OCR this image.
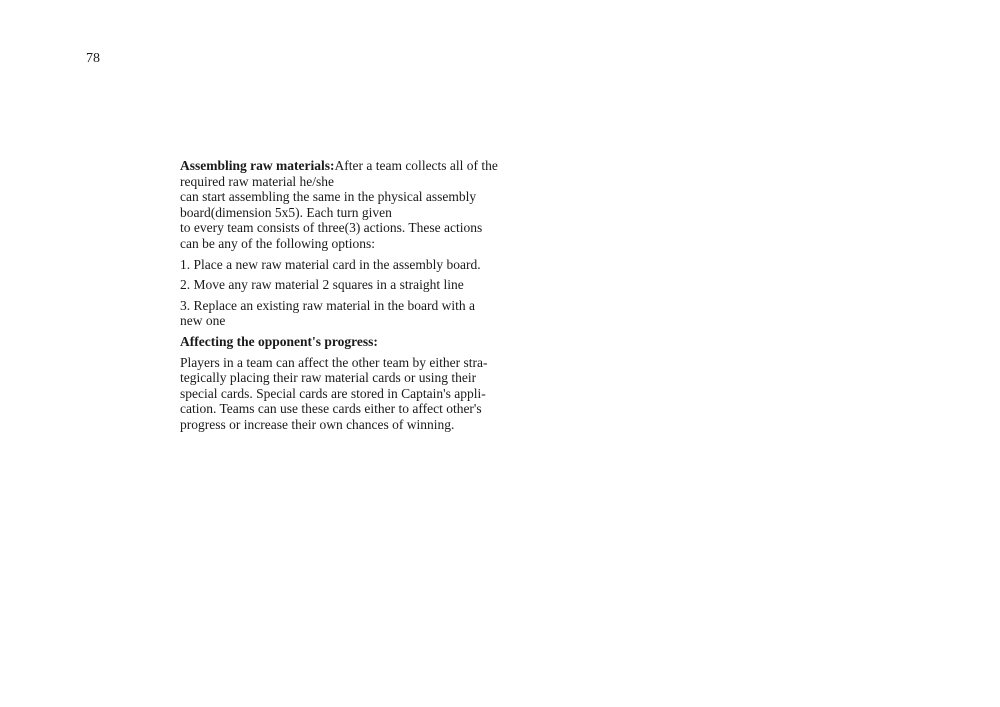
78

Assembling raw materials:After a team collects all of the
required raw material he/she
can start assembling the same in the physical assembly
board(dimension 5x5). Each turn given
to every team consists of three(3) actions. These actions
can be any of the following options:

1. Place a new raw material card in the assembly board.

2. Move any raw material 2 squares in a straight line

3. Replace an existing raw material in the board with a
new one

Affecting the opponent's progress:

Players in a team can affect the other team by either stra-
tegically placing their raw material cards or using their
special cards. Special cards are stored in Captain's appli-
cation. Teams can use these cards either to affect other's
progress or increase their own chances of winning.
